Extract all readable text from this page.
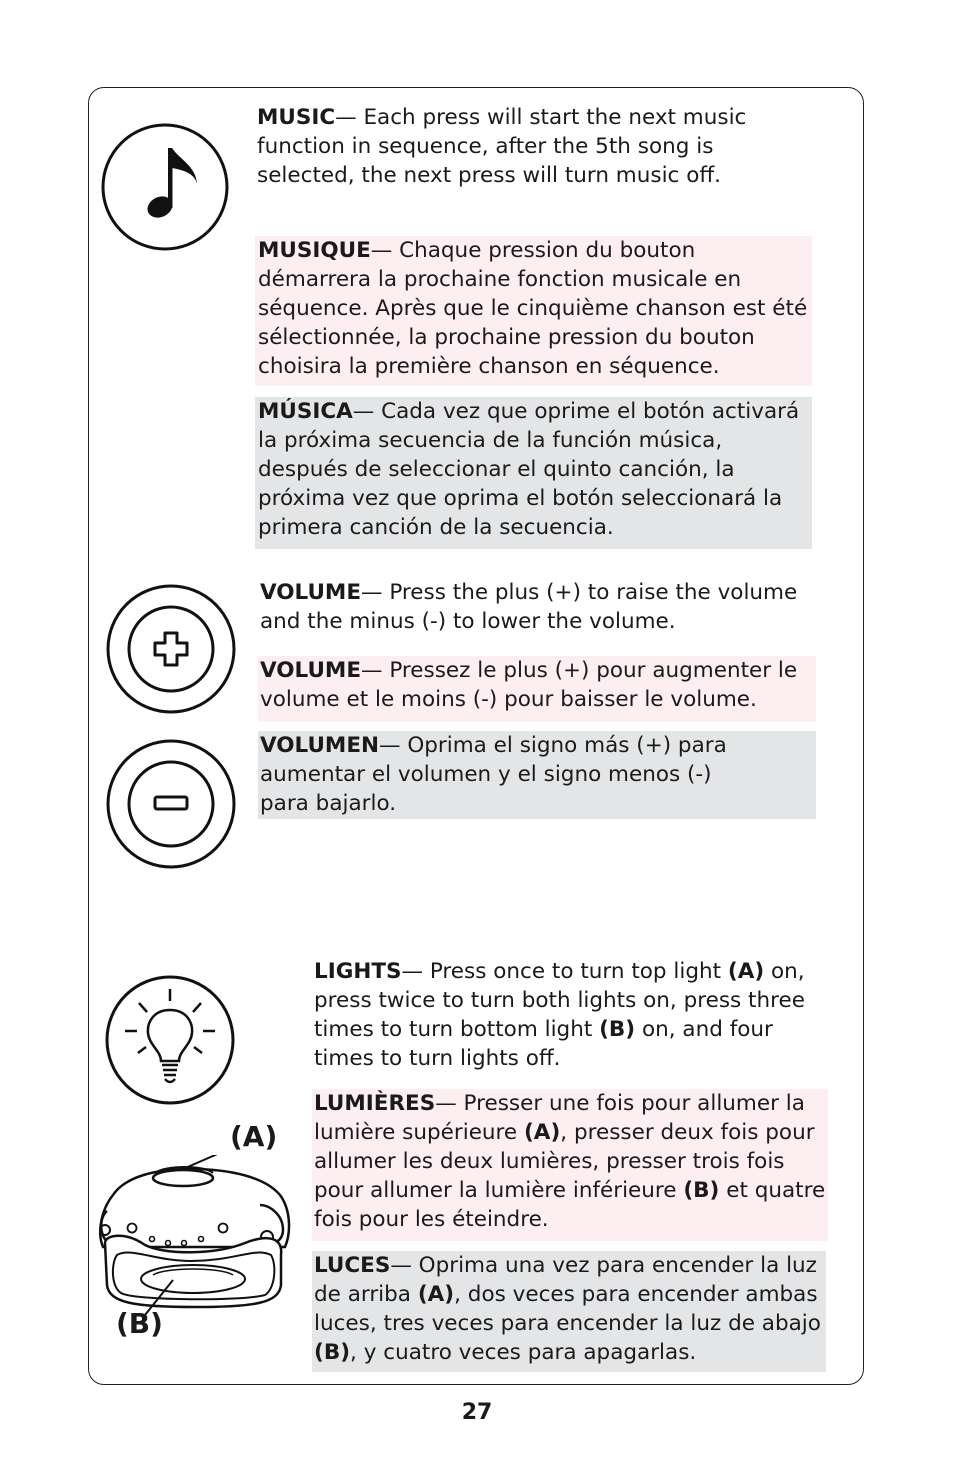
MUSIC— Each press will start the next music function in sequence, after the 5th song is selected, the next press will turn music off.
MUSIQUE— Chaque pression du bouton démarrera la prochaine fonction musicale en séquence. Après que le cinquième chanson est été sélectionnée, la prochaine pression du bouton choisira la première chanson en séquence.
MÚSICA— Cada vez que oprime el botón activará la próxima secuencia de la función música, después de seleccionar el quinto canción, la próxima vez que oprima el botón seleccionará la primera canción de la secuencia.
VOLUME— Press the plus (+) to raise the volume and the minus (-) to lower the volume.
VOLUME— Pressez le plus (+) pour augmenter le volume et le moins (-) pour baisser le volume.
VOLUMEN— Oprima el signo más (+) para aumentar el volumen y el signo menos (-) para bajarlo.
(A)
(B)
LIGHTS— Press once to turn top light (A) on, press twice to turn both lights on, press three times to turn bottom light (B) on, and four times to turn lights off.
LUMIÈRES— Presser une fois pour allumer la lumière supérieure (A), presser deux fois pour allumer les deux lumières, presser trois fois pour allumer la lumière inférieure (B) et quatre fois pour les éteindre.
LUCES— Oprima una vez para encender la luz de arriba (A), dos veces para encender ambas luces, tres veces para encender la luz de abajo (B), y cuatro veces para apagarlas.
27
